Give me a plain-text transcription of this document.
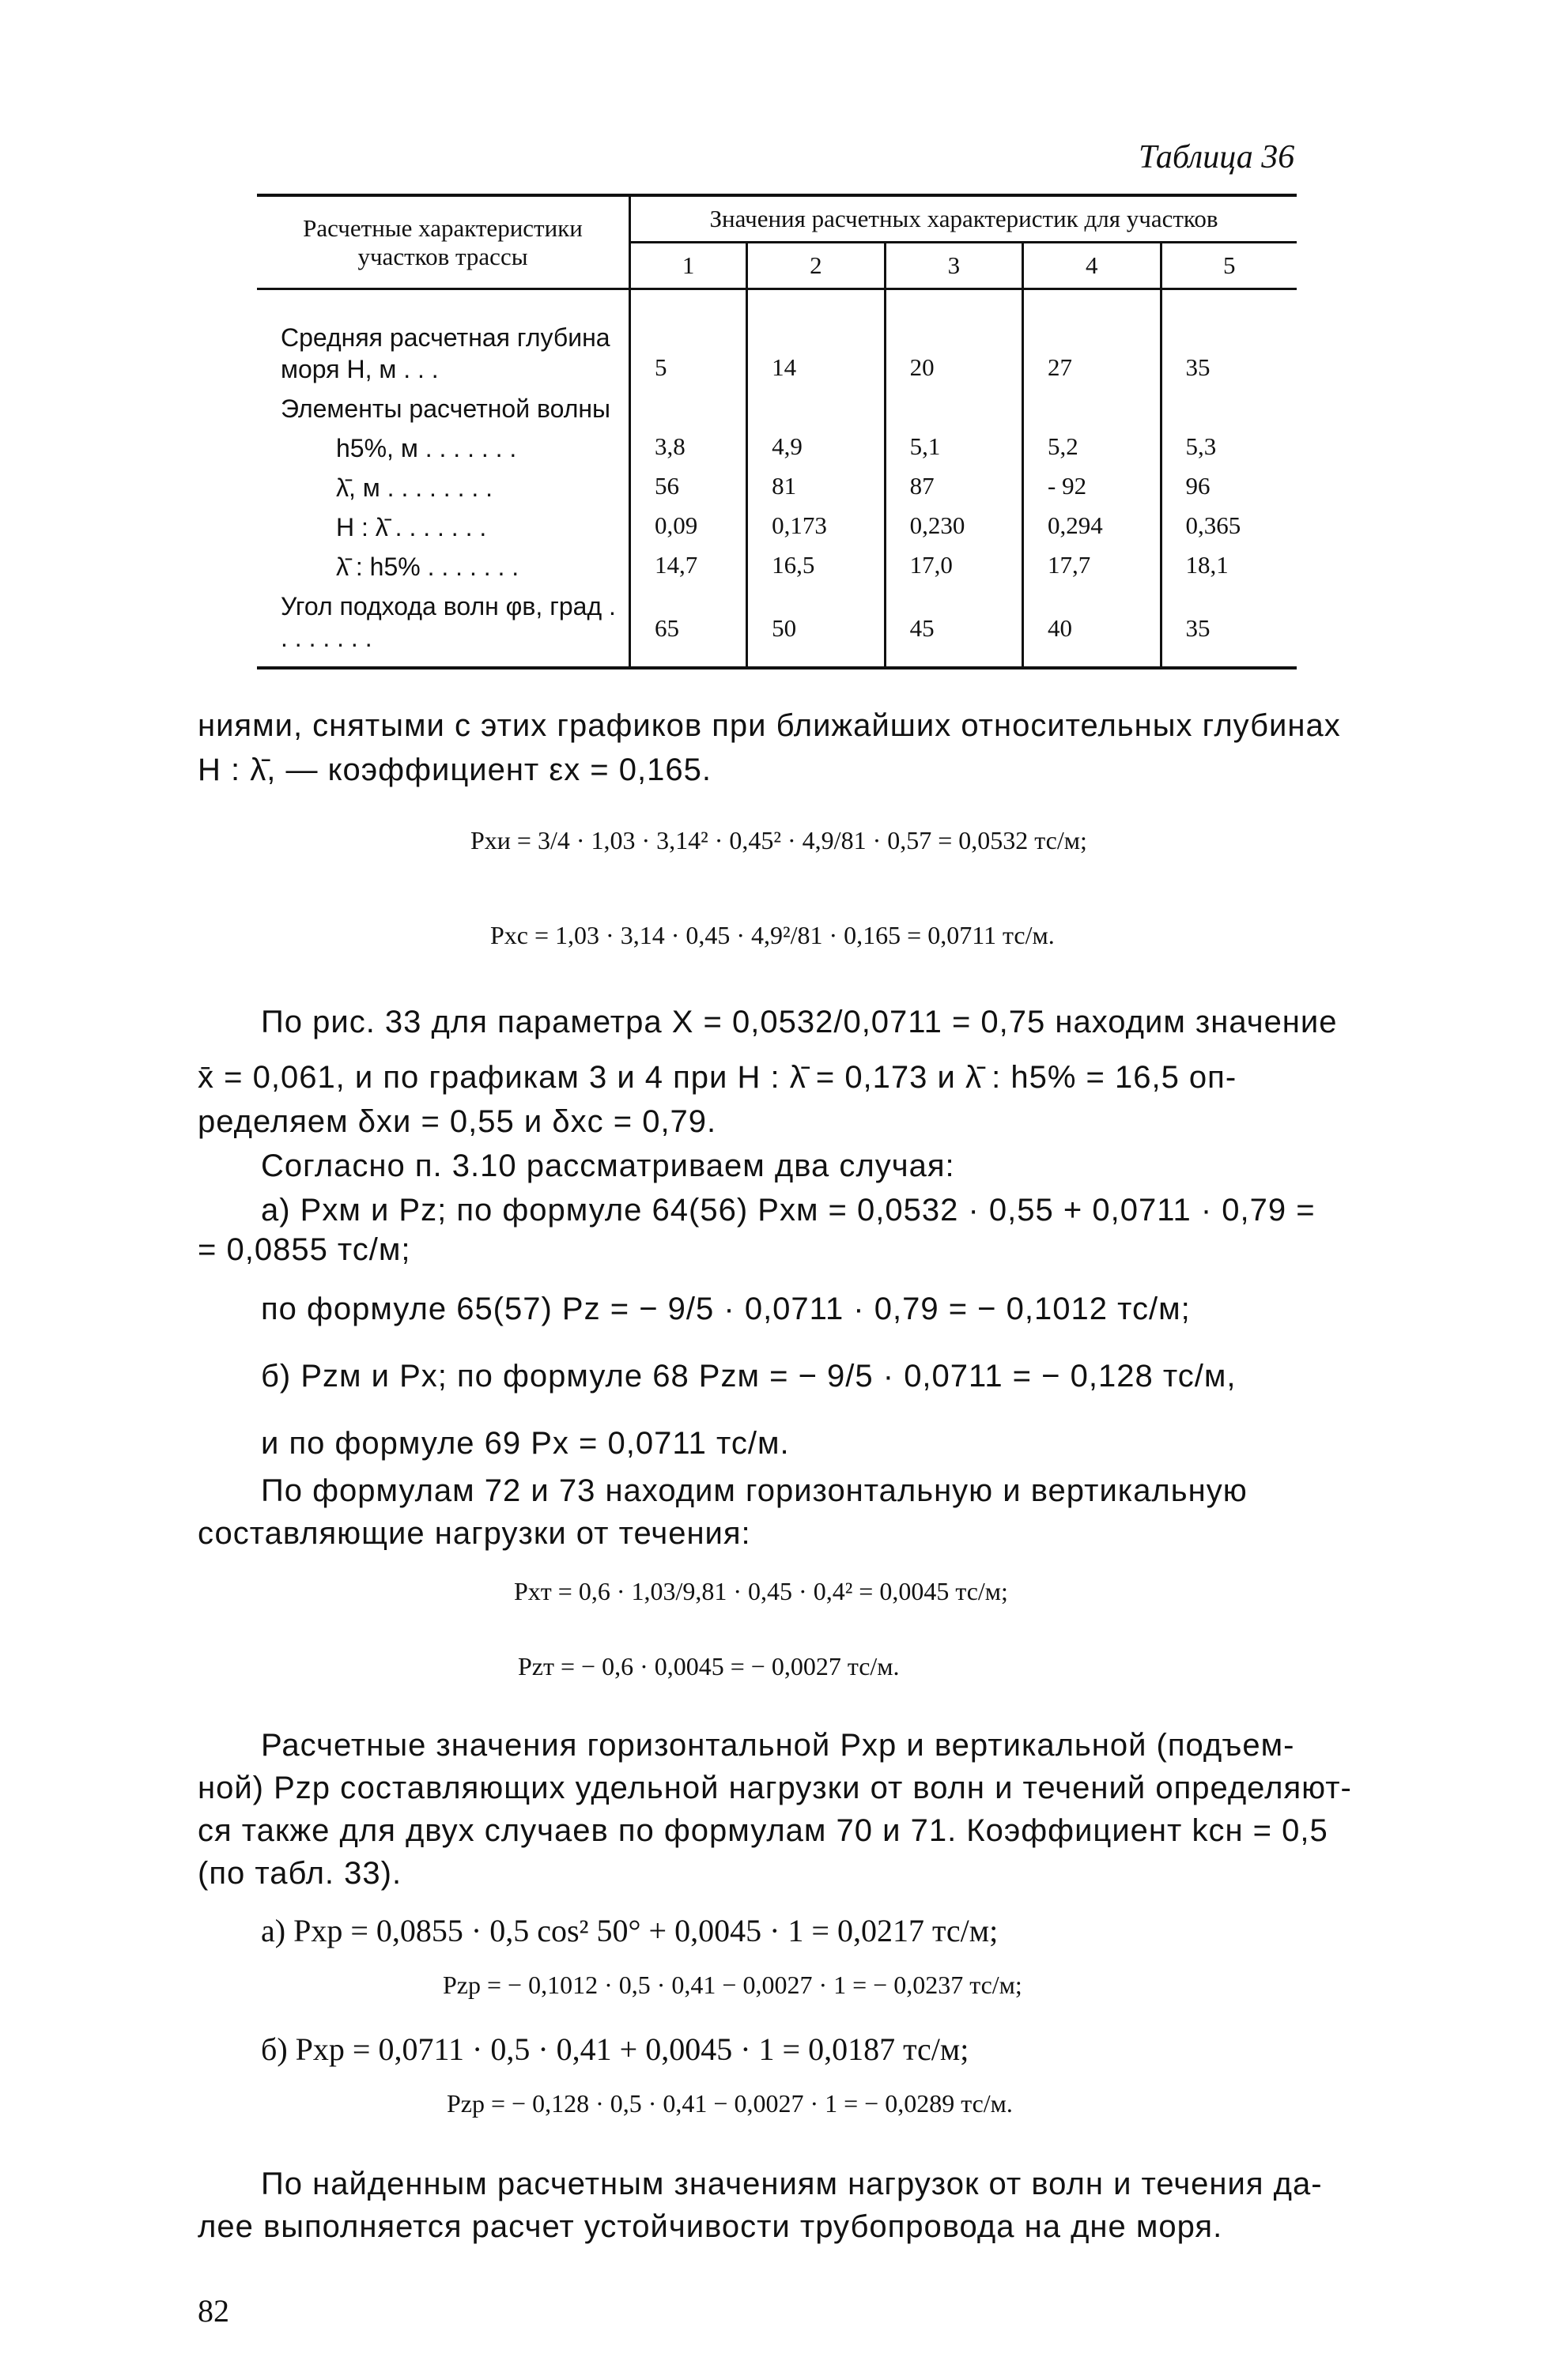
Таблица 36
Расчетные характеристики участков трассы	Значения расчетных характеристик для участков				
	1	2	3	4	5
Средняя расчетная глубина моря H, м . . .	5	14	20	27	35
Элементы расчетной волны					
h5%, м . . . . . . .	3,8	4,9	5,1	5,2	5,3
λ̄, м . . . . . . . .	56	81	87	- 92	96
H : λ̄ . . . . . . .	0,09	0,173	0,230	0,294	0,365
λ̄ : h5% . . . . . . .	14,7	16,5	17,0	17,7	18,1
Угол подхода волн φв, град . . . . . . . .	65	50	45	40	35
ниями, снятыми с этих графиков при ближайших относительных глубинах
H : λ̄, — коэффициент εx = 0,165.
Pxи = 3/4 · 1,03 · 3,14² · 0,45² · 4,9/81 · 0,57 = 0,0532 тс/м;
Pxс = 1,03 · 3,14 · 0,45 · 4,9²/81 · 0,165 = 0,0711 тс/м.
По рис. 33 для параметра X = 0,0532/0,0711 = 0,75 находим значение
x̄ = 0,061, и по графикам 3 и 4 при H : λ̄ = 0,173 и λ̄ : h5% = 16,5 оп-
ределяем δxи = 0,55 и δxс = 0,79.
Согласно п. 3.10 рассматриваем два случая:
а) Pxм и Pz; по формуле 64(56) Pxм = 0,0532 · 0,55 + 0,0711 · 0,79 =
= 0,0855 тс/м;
по формуле 65(57) Pz = − 9/5 · 0,0711 · 0,79 = − 0,1012 тс/м;
б) Pzм и Px; по формуле 68 Pzм = − 9/5 · 0,0711 = − 0,128 тс/м,
и по формуле 69 Px = 0,0711 тс/м.
По формулам 72 и 73 находим горизонтальную и вертикальную
составляющие нагрузки от течения:
Pxт = 0,6 · 1,03/9,81 · 0,45 · 0,4² = 0,0045 тс/м;
Pzт = − 0,6 · 0,0045 = − 0,0027 тс/м.
Расчетные значения горизонтальной Pxр и вертикальной (подъем-
ной) Pzр составляющих удельной нагрузки от волн и течений определяют-
ся также для двух случаев по формулам 70 и 71. Коэффициент kсн = 0,5
(по табл. 33).
а) Pxр = 0,0855 · 0,5 cos² 50° + 0,0045 · 1 = 0,0217 тс/м;
Pzр = − 0,1012 · 0,5 · 0,41 − 0,0027 · 1 = − 0,0237 тс/м;
б) Pxр = 0,0711 · 0,5 · 0,41 + 0,0045 · 1 = 0,0187 тс/м;
Pzр = − 0,128 · 0,5 · 0,41 − 0,0027 · 1 = − 0,0289 тс/м.
По найденным расчетным значениям нагрузок от волн и течения да-
лее выполняется расчет устойчивости трубопровода на дне моря.
82
